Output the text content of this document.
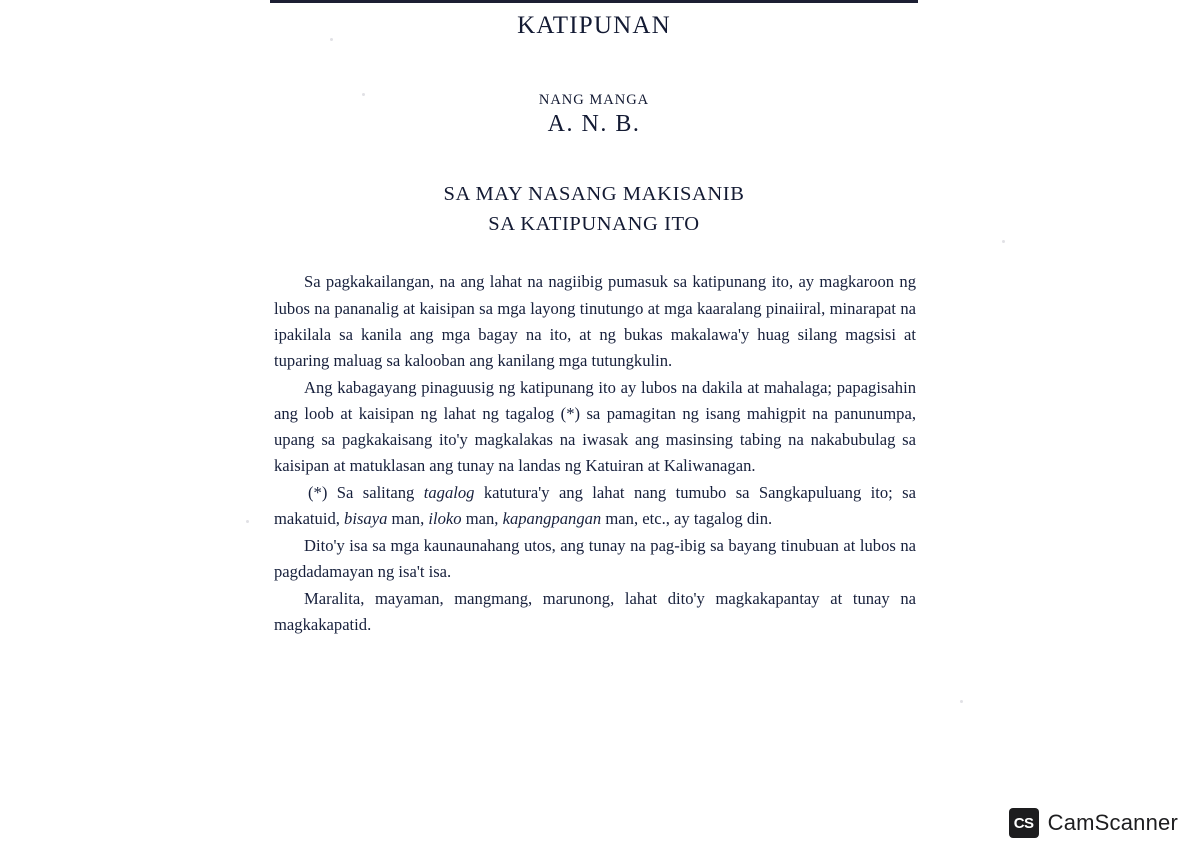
KATIPUNAN
NANG MANGA
A. N. B.
SA MAY NASANG MAKISANIB
SA KATIPUNANG ITO

Sa pagkakailangan, na ang lahat na nagiibig pumasuk sa katipunang ito, ay magkaroon ng lubos na pananalig at kaisipan sa mga layong tinutungo at mga kaaralang pinaiiral, minarapat na ipakilala sa kanila ang mga bagay na ito, at ng bukas makalawa'y huag silang magsisi at tuparing maluag sa kalooban ang kanilang mga tutungkulin.

Ang kabagayang pinaguusig ng katipunang ito ay lubos na dakila at mahalaga; papagisahin ang loob at kaisipan ng lahat ng tagalog (*) sa pamagitan ng isang mahigpit na panunumpa, upang sa pagkakaisang ito'y magkalakas na iwasak ang masinsing tabing na nakabubulag sa kaisipan at matuklasan ang tunay na landas ng Katuiran at Kaliwanagan.

(*) Sa salitang tagalog katutura'y ang lahat nang tumubo sa Sangkapuluang ito; sa makatuid, bisaya man, iloko man, kapangpangan man, etc., ay tagalog din.

Dito'y isa sa mga kaunaunahang utos, ang tunay na pag-ibig sa bayang tinubuan at lubos na pagdadamayan ng isa't isa.

Maralita, mayaman, mangmang, marunong, lahat dito'y magkakapantay at tunay na magkakapatid.

CS CamScanner
